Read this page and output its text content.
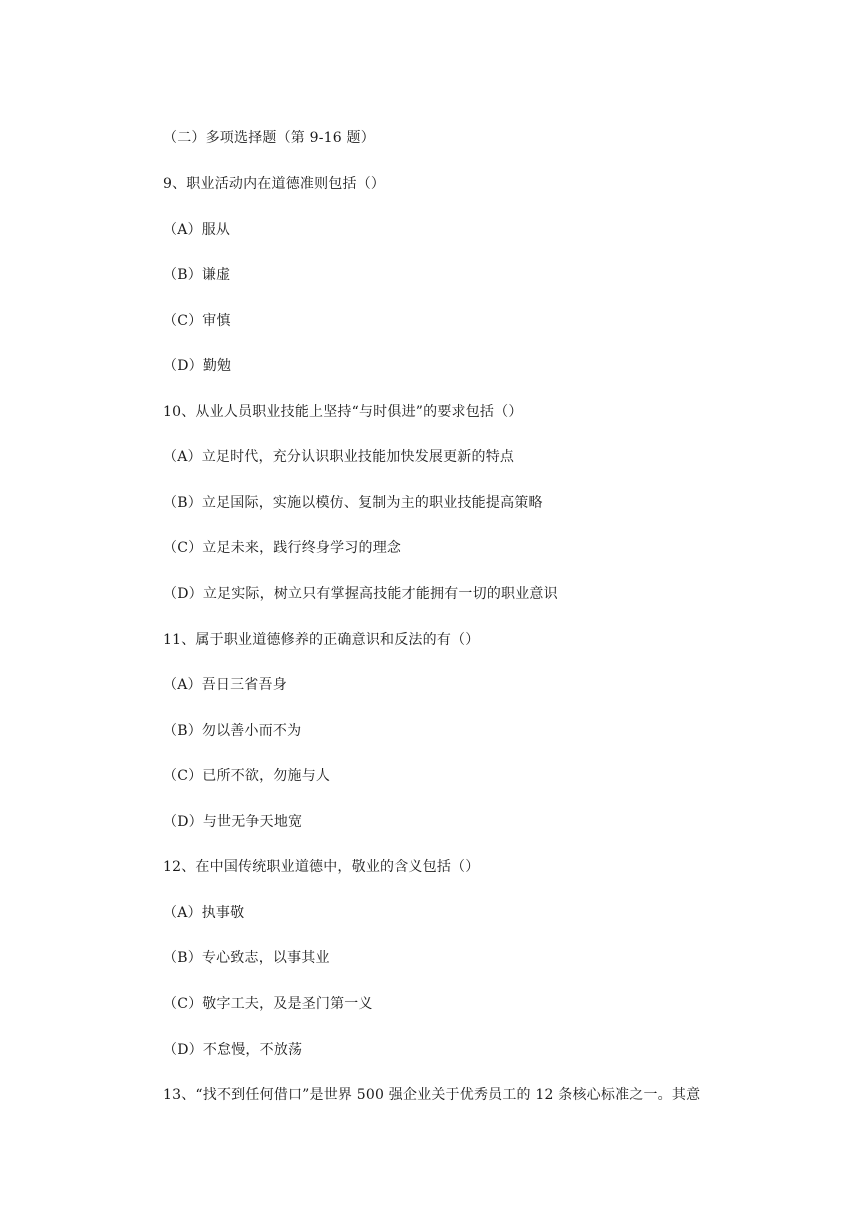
（二）多项选择题（第 9-16 题）
9、职业活动内在道德准则包括（）
（A）服从
（B）谦虚
（C）审慎
（D）勤勉
10、从业人员职业技能上坚持“与时俱进”的要求包括（）
（A）立足时代，充分认识职业技能加快发展更新的特点
（B）立足国际，实施以模仿、复制为主的职业技能提高策略
（C）立足未来，践行终身学习的理念
（D）立足实际，树立只有掌握高技能才能拥有一切的职业意识
11、属于职业道德修养的正确意识和反法的有（）
（A）吾日三省吾身
（B）勿以善小而不为
（C）已所不欲，勿施与人
（D）与世无争天地宽
12、在中国传统职业道德中，敬业的含义包括（）
（A）执事敬
（B）专心致志，以事其业
（C）敬字工夫，及是圣门第一义
（D）不怠慢，不放荡
13、“找不到任何借口”是世界 500 强企业关于优秀员工的 12 条核心标准之一。其意
